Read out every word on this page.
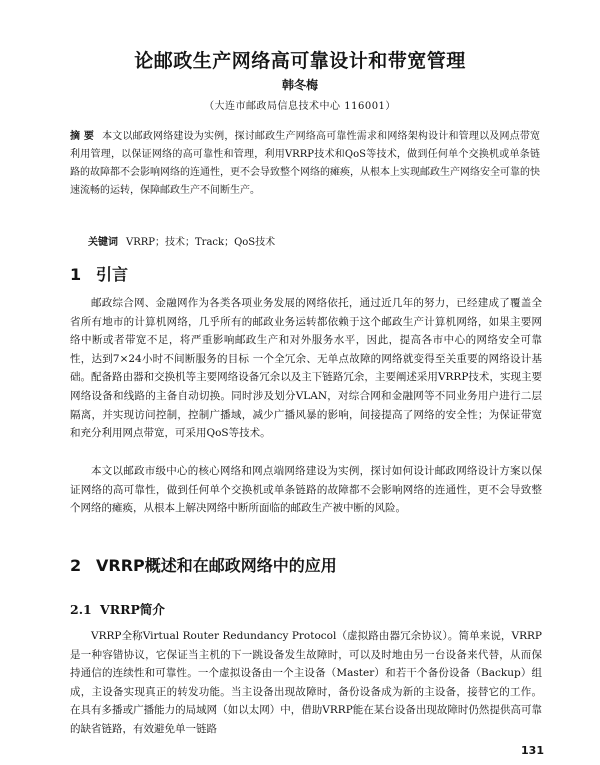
论邮政生产网络高可靠设计和带宽管理
韩冬梅
（大连市邮政局信息技术中心 116001）
摘 要 本文以邮政网络建设为实例，探讨邮政生产网络高可靠性需求和网络架构设计和管理以及网点带宽利用管理，以保证网络的高可靠性和管理，利用VRRP技术和QoS等技术，做到任何单个交换机或单条链路的故障都不会影响网络的连通性，更不会导致整个网络的瘫痪，从根本上实现邮政生产网络安全可靠的快速流畅的运转，保障邮政生产不间断生产。
关键词 VRRP；技术；Track；QoS技术
1 引言

邮政综合网、金融网作为各类各项业务发展的网络依托，通过近几年的努力，已经建成了覆盖全省所有地市的计算机网络，几乎所有的邮政业务运转都依赖于这个邮政生产计算机网络，如果主要网络中断或者带宽不足，将严重影响邮政生产和对外服务水平，因此，提高各市中心的网络安全可靠性，达到7×24小时不间断服务的目标 一个全冗余、无单点故障的网络就变得至关重要的网络设计基础。配备路由器和交换机等主要网络设备冗余以及主下链路冗余，主要阐述采用VRRP技术，实现主要网络设备和线路的主备自动切换。同时涉及划分VLAN，对综合网和金融网等不同业务用户进行二层隔离，并实现访问控制，控制广播域，减少广播风暴的影响，间接提高了网络的安全性；为保证带宽和充分利用网点带宽，可采用QoS等技术。

本文以邮政市级中心的核心网络和网点端网络建设为实例，探讨如何设计邮政网络设计方案以保证网络的高可靠性，做到任何单个交换机或单条链路的故障都不会影响网络的连通性，更不会导致整个网络的瘫痪，从根本上解决网络中断所面临的邮政生产被中断的风险。

2 VRRP概述和在邮政网络中的应用
2.1 VRRP简介

VRRP全称Virtual Router Redundancy Protocol（虚拟路由器冗余协议）。简单来说，VRRP是一种容错协议，它保证当主机的下一跳设备发生故障时，可以及时地由另一台设备来代替，从而保持通信的连续性和可靠性。一个虚拟设备由一个主设备（Master）和若干个备份设备（Backup）组成，主设备实现真正的转发功能。当主设备出现故障时，备份设备成为新的主设备，接替它的工作。在具有多播或广播能力的局域网（如以太网）中，借助VRRP能在某台设备出现故障时仍然提供高可靠的缺省链路，有效避免单一链路

131
